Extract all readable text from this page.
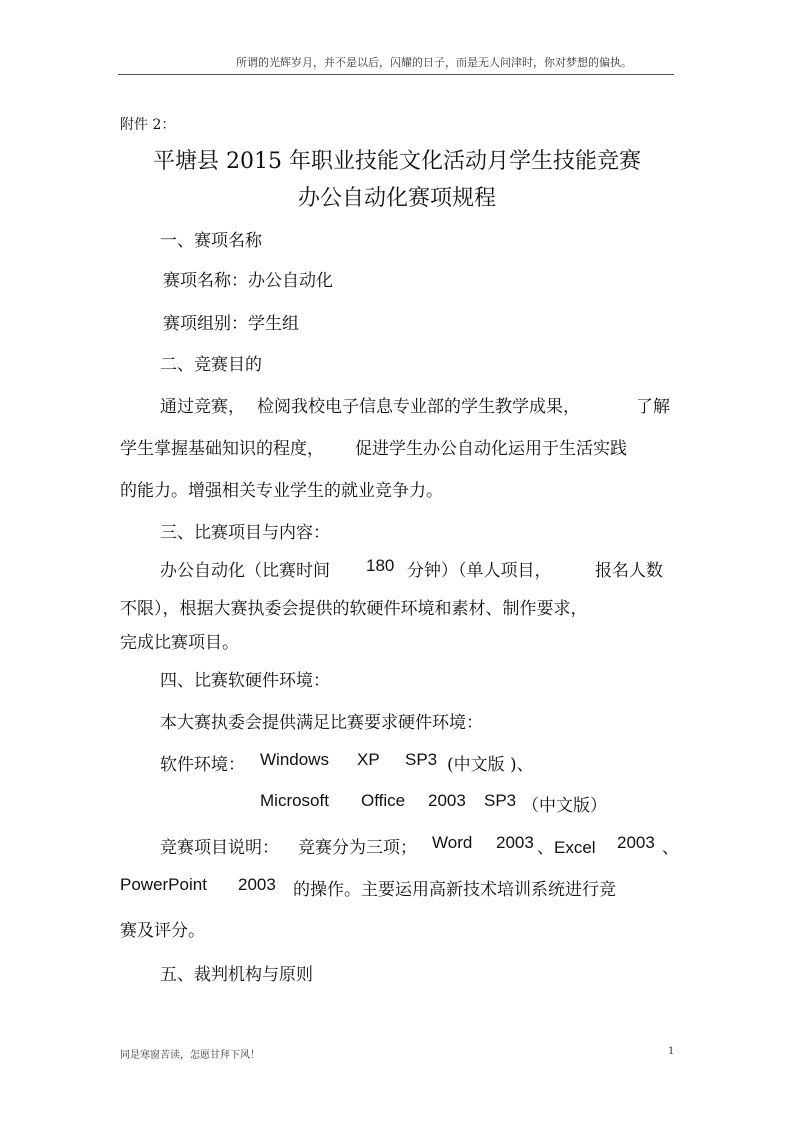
所谓的光辉岁月，并不是以后，闪耀的日子，而是无人问津时，你对梦想的偏执。
附件 2：
平塘县 2015 年职业技能文化活动月学生技能竞赛
办公自动化赛项规程
一、赛项名称
赛项名称：办公自动化
赛项组别：学生组
二、竞赛目的
通过竞赛， 检阅我校电子信息专业部的学生教学成果，	了解
学生掌握基础知识的程度， 促进学生办公自动化运用于生活实践
的能力。增强相关专业学生的就业竞争力。
三、比赛项目与内容：
办公自动化（比赛时间 180 分钟）（单人项目，	报名人数
不限），根据大赛执委会提供的软硬件环境和素材、制作要求，
完成比赛项目。
四、比赛软硬件环境：
本大赛执委会提供满足比赛要求硬件环境：
软件环境： Windows XP SP3 (中文版 )、
Microsoft Office 2003 SP3 （中文版）
竞赛项目说明： 竞赛分为三项； Word 2003 、Excel 2003 、
PowerPoint 2003 的操作。主要运用高新技术培训系统进行竞
赛及评分。
五、裁判机构与原则
同是寒窗苦读，怎愿甘拜下风！	1
